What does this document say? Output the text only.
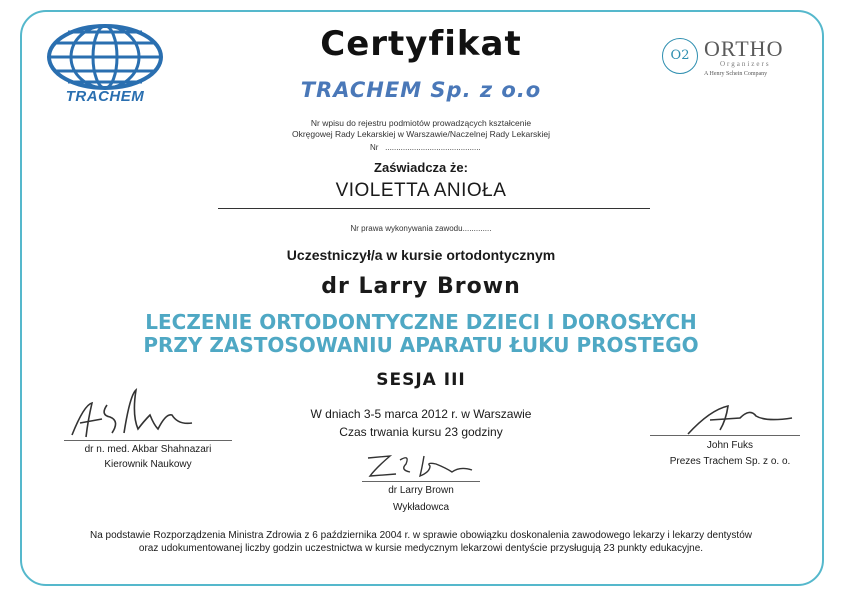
TRACHEM
O2 ORTHO
Organizers
A Henry Schein Company
Certyfikat
TRACHEM Sp. z o.o
Nr wpisu do rejestru podmiotów prowadzących kształcenie
Okręgowej Rady Lekarskiej w Warszawie/Naczelnej Rady Lekarskiej
Nr ...........................................
Zaświadcza że:
VIOLETTA ANIOŁA
Nr prawa wykonywania zawodu.............
Uczestniczył/a w kursie ortodontycznym
dr Larry Brown
LECZENIE ORTODONTYCZNE DZIECI I DOROSŁYCH
PRZY ZASTOSOWANIU APARATU ŁUKU PROSTEGO
SESJA III
W dniach 3-5 marca 2012 r. w Warszawie
Czas trwania kursu 23 godziny
dr n. med. Akbar Shahnazari
Kierownik Naukowy
John Fuks
Prezes Trachem Sp. z o. o.
dr Larry Brown
Wykładowca
Na podstawie Rozporządzenia Ministra Zdrowia z 6 października 2004 r. w sprawie obowiązku doskonalenia zawodowego lekarzy i lekarzy dentystów
oraz udokumentowanej liczby godzin uczestnictwa w kursie medycznym lekarzowi dentyście przysługują 23 punkty edukacyjne.
